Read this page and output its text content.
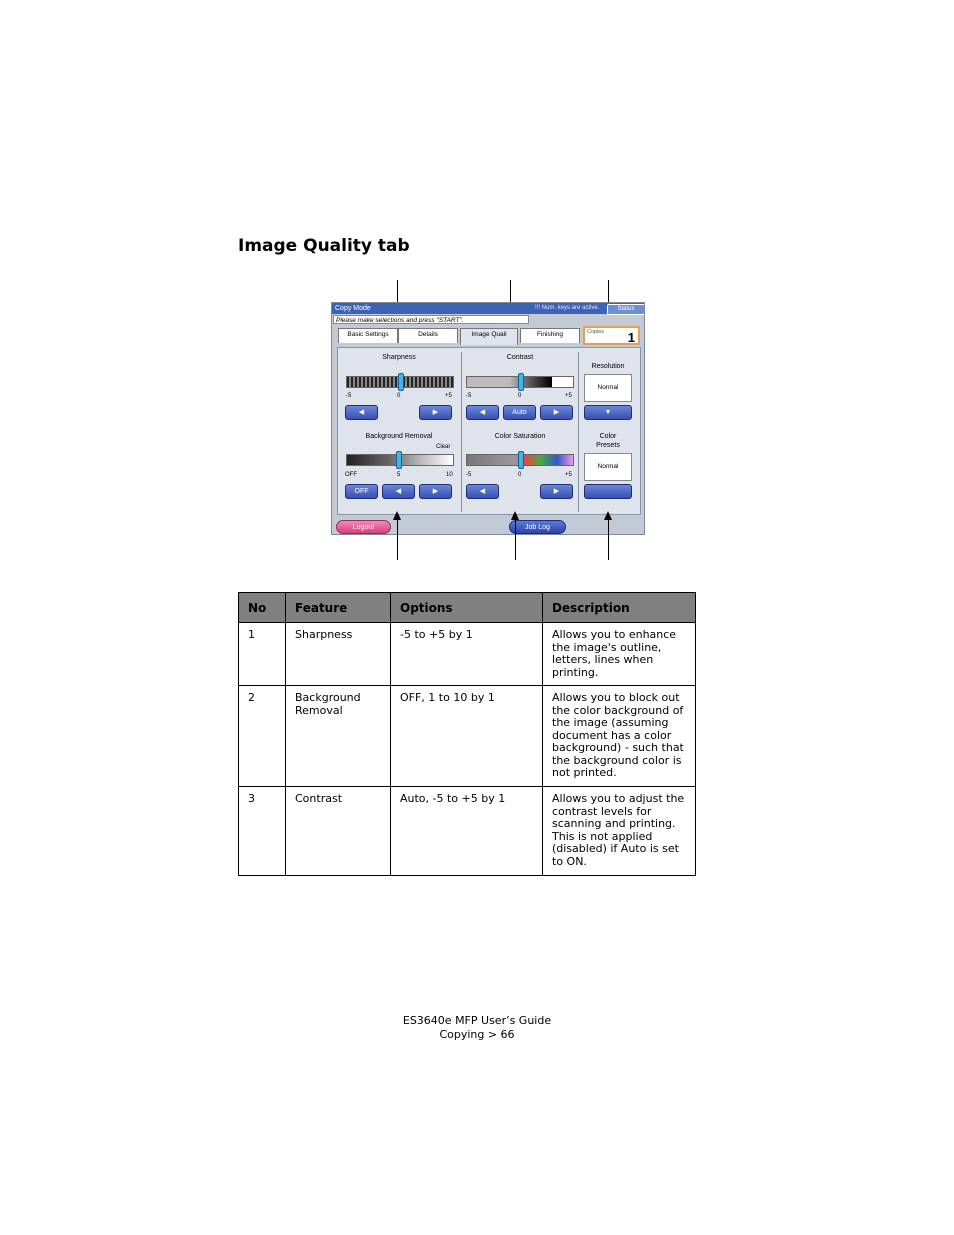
Image Quality tab
Copy Mode	!!! Num. keys are active.	Status
Please make selections and press "START".
Basic Settings	Details	Image Quali	Finishing	Copies 1
Sharpness
-5	0	+5
◀	▶
Background Removal
Clear
OFF	5	10
OFF	◀	▶
Contrast
-5	0	+5
◀	Auto	▶
Color Saturation
-5	0	+5
◀	▶
Resolution
Normal
▼
Color
Presets
Normal
Logout	Job Log
No	Feature	Options	Description
1	Sharpness	-5 to +5 by 1	Allows you to enhance the image's outline, letters, lines when printing.
2	Background Removal	OFF, 1 to 10 by 1	Allows you to block out the color background of the image (assuming document has a color background) - such that the background color is not printed.
3	Contrast	Auto, -5 to +5 by 1	Allows you to adjust the contrast levels for scanning and printing. This is not applied (disabled) if Auto is set to ON.
ES3640e MFP User’s Guide
Copying > 66
